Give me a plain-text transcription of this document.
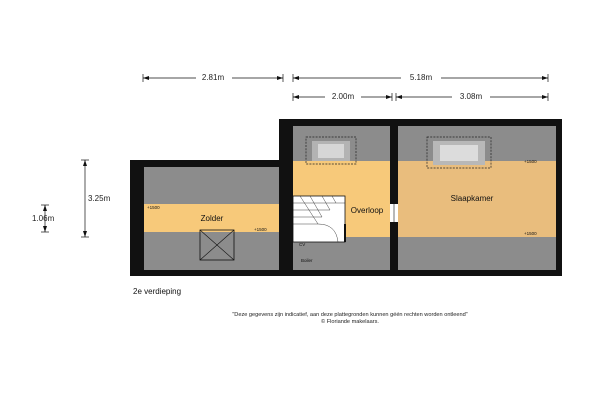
Zolder
Overloop
Slaapkamer
+1500
+1500
+1500
+1500
CV
Boiler
2.81m	5.18m
2.00m	3.08m
3.25m
1.06m
2e verdieping
"Deze gegevens zijn indicatief, aan deze plattegronden kunnen géén rechten worden ontleend"
© Floriande makelaars.
